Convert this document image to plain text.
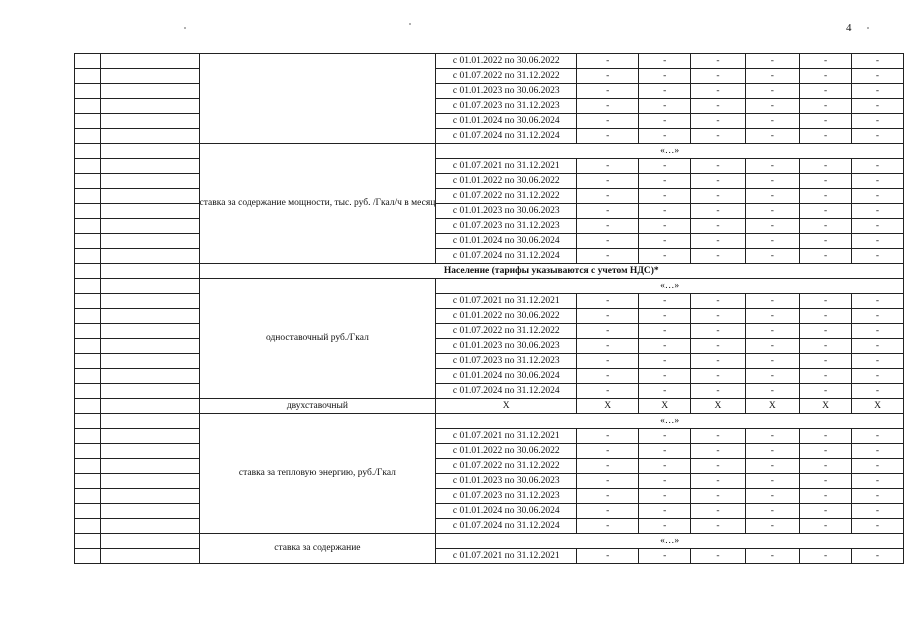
4
			с 01.01.2022 по 30.06.2022	-	-	-	-	-	-
			с 01.07.2022 по 31.12.2022	-	-	-	-	-	-
			с 01.01.2023 по 30.06.2023	-	-	-	-	-	-
			с 01.07.2023 по 31.12.2023	-	-	-	-	-	-
			с 01.01.2024 по 30.06.2024	-	-	-	-	-	-
			с 01.07.2024 по 31.12.2024	-	-	-	-	-	-
		ставка за содержание мощности, тыс. руб. /Гкал/ч в месяц	«…»						
			с 01.07.2021 по 31.12.2021	-	-	-	-	-	-
			с 01.01.2022 по 30.06.2022	-	-	-	-	-	-
			с 01.07.2022 по 31.12.2022	-	-	-	-	-	-
			с 01.01.2023 по 30.06.2023	-	-	-	-	-	-
			с 01.07.2023 по 31.12.2023	-	-	-	-	-	-
			с 01.01.2024 по 30.06.2024	-	-	-	-	-	-
			с 01.07.2024 по 31.12.2024	-	-	-	-	-	-
		Население (тарифы указываются с учетом НДС)*							
		одноставочный руб./Гкал	«…»						
			с 01.07.2021 по 31.12.2021	-	-	-	-	-	-
			с 01.01.2022 по 30.06.2022	-	-	-	-	-	-
			с 01.07.2022 по 31.12.2022	-	-	-	-	-	-
			с 01.01.2023 по 30.06.2023	-	-	-	-	-	-
			с 01.07.2023 по 31.12.2023	-	-	-	-	-	-
			с 01.01.2024 по 30.06.2024	-	-	-	-	-	-
			с 01.07.2024 по 31.12.2024	-	-	-	-	-	-
		двухставочный	Х	Х	Х	Х	Х	Х	Х
		ставка за тепловую энергию, руб./Гкал	«…»						
			с 01.07.2021 по 31.12.2021	-	-	-	-	-	-
			с 01.01.2022 по 30.06.2022	-	-	-	-	-	-
			с 01.07.2022 по 31.12.2022	-	-	-	-	-	-
			с 01.01.2023 по 30.06.2023	-	-	-	-	-	-
			с 01.07.2023 по 31.12.2023	-	-	-	-	-	-
			с 01.01.2024 по 30.06.2024	-	-	-	-	-	-
			с 01.07.2024 по 31.12.2024	-	-	-	-	-	-
		ставка за содержание	«…»						
			с 01.07.2021 по 31.12.2021	-	-	-	-	-	-
